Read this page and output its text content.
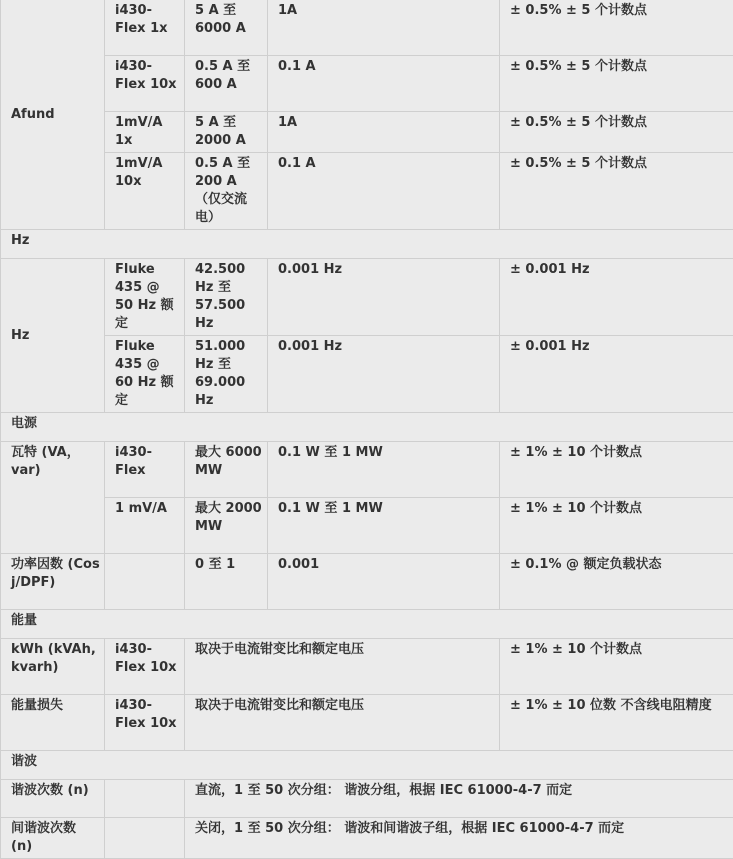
Afund	i430-Flex 1x	5 A 至 6000 A	1A	± 0.5% ± 5 个计数点
	i430-Flex 10x	0.5 A 至 600 A	0.1 A	± 0.5% ± 5 个计数点
	1mV/A 1x	5 A 至 2000 A	1A	± 0.5% ± 5 个计数点
	1mV/A 10x	0.5 A 至 200 A （仅交流电）	0.1 A	± 0.5% ± 5 个计数点
Hz				
Hz	Fluke 435 @ 50 Hz 额定	42.500 Hz 至 57.500 Hz	0.001 Hz	± 0.001 Hz
	Fluke 435 @ 60 Hz 额定	51.000 Hz 至 69.000 Hz	0.001 Hz	± 0.001 Hz
电源				
瓦特 (VA，var)	i430-Flex	最大 6000 MW	0.1 W 至 1 MW	± 1% ± 10 个计数点
	1 mV/A	最大 2000 MW	0.1 W 至 1 MW	± 1% ± 10 个计数点
功率因数 (Cos j/DPF)		0 至 1	0.001	± 0.1% @ 额定负载状态
能量				
kWh (kVAh, kvarh)	i430-Flex 10x	取决于电流钳变比和额定电压		± 1% ± 10 个计数点
能量损失	i430-Flex 10x	取决于电流钳变比和额定电压		± 1% ± 10 位数 不含线电阻精度
谐波				
谐波次数 (n)		直流，1 至 50 次分组： 谐波分组，根据 IEC 61000-4-7 而定		
间谐波次数 (n)		关闭，1 至 50 次分组： 谐波和间谐波子组，根据 IEC 61000-4-7 而定		
